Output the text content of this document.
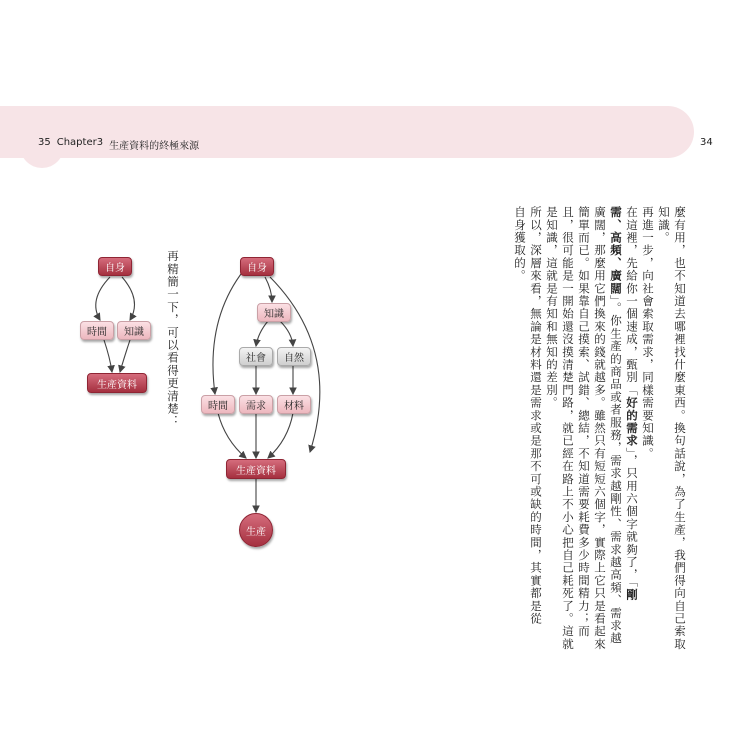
35 Chapter3 生產資料的終極來源	34
麼有用，也不知道去哪裡找什麼東西。換句話說，為了生產，我們得向自己索取
知識。
再進一步，向社會索取需求，同樣需要知識。
在這裡，先給你一個速成，甄別「好的需求」，只用六個字就夠了，「剛
需、高頻、廣闊」。你生產的商品或者服務，需求越剛性、需求越高頻、需求越
廣闊，那麼用它們換來的錢就越多。雖然只有短短六個字，實際上它只是看起來
簡單而已。如果靠自己摸索、試錯、總結，不知道需要耗費多少時間精力；而
且，很可能是一開始還沒摸清楚門路，就已經在路上不小心把自己耗死了。這就
是知識，這就是有知和無知的差別。
所以，深層來看，無論是材料還是需求或是那不可或缺的時間，其實都是從
自身獲取的。
再精簡一下，可以看得更清楚：
自身
時間	知識
生產資料
自身
知識
社會	自然
時間	需求	材料
生產資料
生產
